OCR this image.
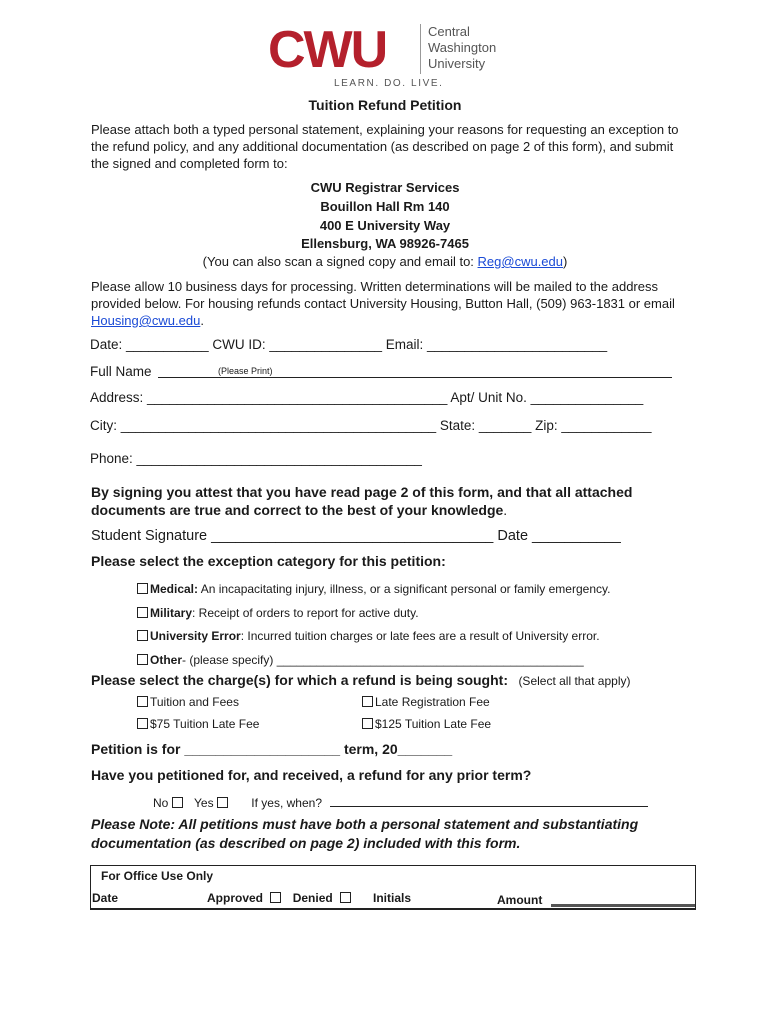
CWU	Central
Washington
University
LEARN. DO. LIVE.
Tuition Refund Petition
Please attach both a typed personal statement, explaining your reasons for requesting an exception to the refund policy, and any additional documentation (as described on page 2 of this form), and submit the signed and completed form to:
CWU Registrar Services
Bouillon Hall Rm 140
400 E University Way
Ellensburg, WA 98926-7465
(You can also scan a signed copy and email to: Reg@cwu.edu)
Please allow 10 business days for processing. Written determinations will be mailed to the address provided below. For housing refunds contact University Housing, Button Hall, (509) 963-1831 or email Housing@cwu.edu.
Date: ___________ CWU ID: _______________ Email: ________________________
Full Name	(Please Print)
Address: ________________________________________ Apt/ Unit No. _______________
City: __________________________________________ State: _______ Zip: ____________
Phone: ______________________________________
By signing you attest that you have read page 2 of this form, and that all attached documents are true and correct to the best of your knowledge.
Student Signature ___________________________________ Date ___________
Please select the exception category for this petition:
Medical: An incapacitating injury, illness, or a significant personal or family emergency.
Military: Receipt of orders to report for active duty.
University Error: Incurred tuition charges or late fees are a result of University error.
Other- (please specify) ______________________________________________
Please select the charge(s) for which a refund is being sought: (Select all that apply)
Tuition and Fees	Late Registration Fee
$75 Tuition Late Fee	$125 Tuition Late Fee
Petition is for ____________________ term, 20_______
Have you petitioned for, and received, a refund for any prior term?
No Yes	If yes, when?
Please Note: All petitions must have both a personal statement and substantiating documentation (as described on page 2) included with this form.
For Office Use Only
Date	Approved Denied	Initials	Amount
